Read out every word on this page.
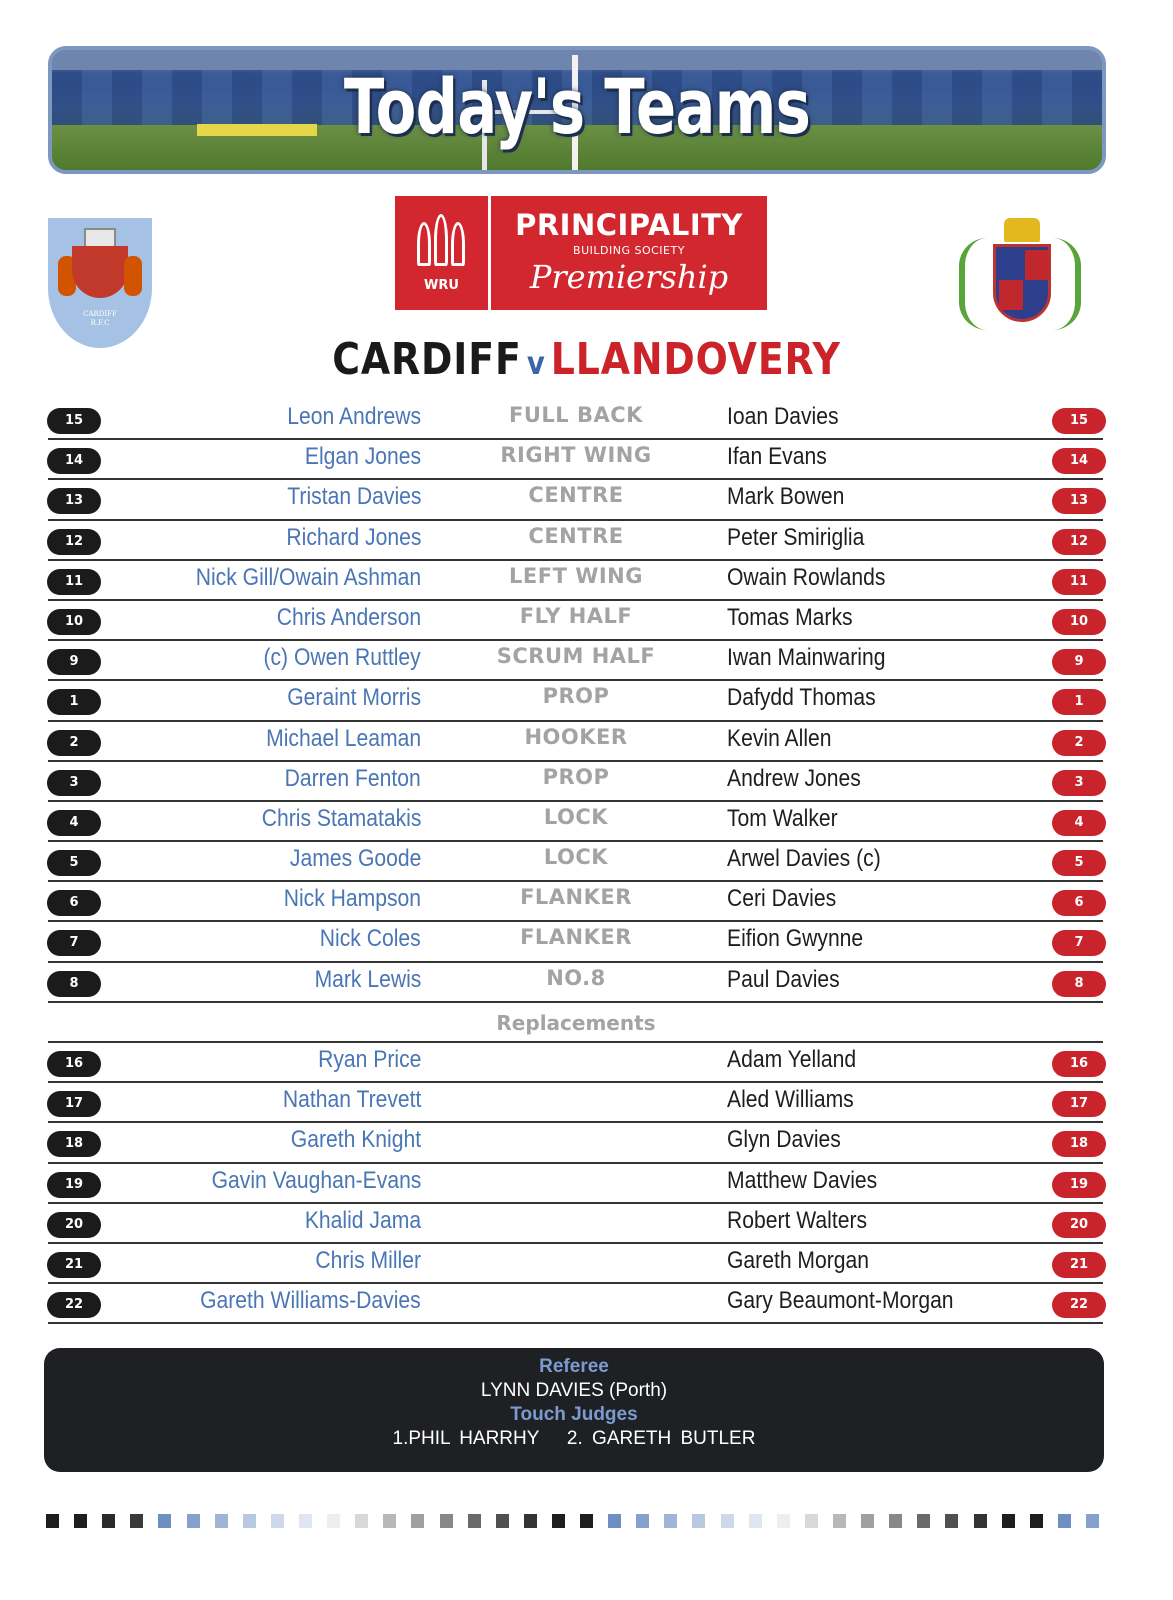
Today's Teams
CARDIFF
R.F.C
WRU
PRINCIPALITY
BUILDING SOCIETY
Premiership
CARDIFF v LLANDOVERY
15	Leon Andrews	FULL BACK	Ioan Davies	15
14	Elgan Jones	RIGHT WING	Ifan Evans	14
13	Tristan Davies	CENTRE	Mark Bowen	13
12	Richard Jones	CENTRE	Peter Smiriglia	12
11	Nick Gill/Owain Ashman	LEFT WING	Owain Rowlands	11
10	Chris Anderson	FLY HALF	Tomas Marks	10
9	(c) Owen Ruttley	SCRUM HALF	Iwan Mainwaring	9
1	Geraint Morris	PROP	Dafydd Thomas	1
2	Michael Leaman	HOOKER	Kevin Allen	2
3	Darren Fenton	PROP	Andrew Jones	3
4	Chris Stamatakis	LOCK	Tom Walker	4
5	James Goode	LOCK	Arwel Davies (c)	5
6	Nick Hampson	FLANKER	Ceri Davies	6
7	Nick Coles	FLANKER	Eifion Gwynne	7
8	Mark Lewis	NO.8	Paul Davies	8
Replacements
16	Ryan Price	Adam Yelland	16
17	Nathan Trevett	Aled Williams	17
18	Gareth Knight	Glyn Davies	18
19	Gavin Vaughan-Evans	Matthew Davies	19
20	Khalid Jama	Robert Walters	20
21	Chris Miller	Gareth Morgan	21
22	Gareth Williams-Davies	Gary Beaumont-Morgan	22
Referee
LYNN DAVIES (Porth)
Touch Judges
1.PHIL HARRHY   2. GARETH BUTLER
